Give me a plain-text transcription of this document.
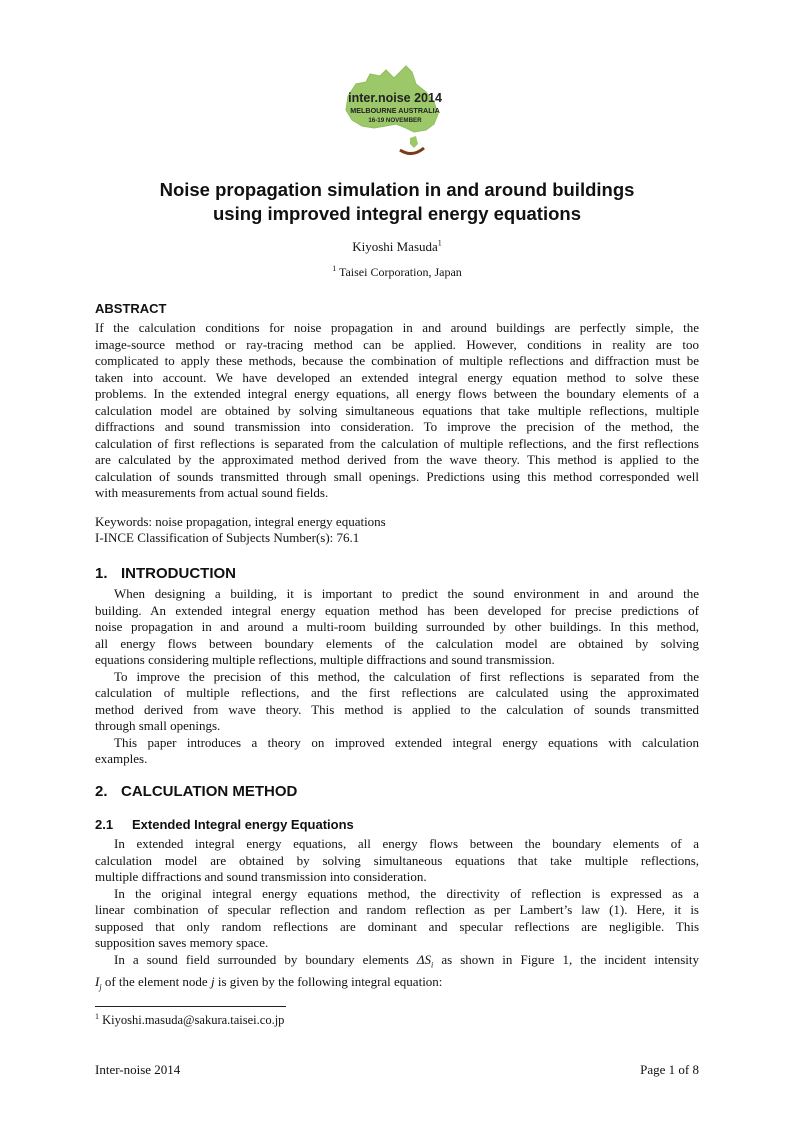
inter.noise 2014
MELBOURNE AUSTRALIA
16-19 NOVEMBER
Noise propagation simulation in and around buildings
using improved integral energy equations
Kiyoshi Masuda$^1$
$^1$ Taisei Corporation, Japan
ABSTRACT
If the calculation conditions for noise propagation in and around buildings are perfectly simple, the
image-source method or ray-tracing method can be applied. However, conditions in reality are too
complicated to apply these methods, because the combination of multiple reflections and diffraction must be
taken into account. We have developed an extended integral energy equation method to solve these
problems. In the extended integral energy equations, all energy flows between the boundary elements of a
calculation model are obtained by solving simultaneous equations that take multiple reflections, multiple
diffractions and sound transmission into consideration. To improve the precision of the method, the
calculation of first reflections is separated from the calculation of multiple reflections, and the first reflections
are calculated by the approximated method derived from the wave theory. This method is applied to the
calculation of sounds transmitted through small openings. Predictions using this method corresponded well
with measurements from actual sound fields.
Keywords: noise propagation, integral energy equations
I-INCE Classification of Subjects Number(s): 76.1
1. INTRODUCTION
When designing a building, it is important to predict the sound environment in and around the
building. An extended integral energy equation method has been developed for precise predictions of
noise propagation in and around a multi-room building surrounded by other buildings. In this method,
all energy flows between boundary elements of the calculation model are obtained by solving
equations considering multiple reflections, multiple diffractions and sound transmission.
To improve the precision of this method, the calculation of first reflections is separated from the
calculation of multiple reflections, and the first reflections are calculated using the approximated
method derived from wave theory. This method is applied to the calculation of sounds transmitted
through small openings.
This paper introduces a theory on improved extended integral energy equations with calculation
examples.
2. CALCULATION METHOD
2.1 Extended Integral energy Equations
In extended integral energy equations, all energy flows between the boundary elements of a
calculation model are obtained by solving simultaneous equations that take multiple reflections,
multiple diffractions and sound transmission into consideration.
In the original integral energy equations method, the directivity of reflection is expressed as a
linear combination of specular reflection and random reflection as per Lambert’s law (1). Here, it is
supposed that only random reflections are dominant and specular reflections are negligible. This
supposition saves memory space.
In a sound field surrounded by boundary elements $\Delta S_i$ as shown in Figure 1, the incident intensity
$I_j$ of the element node j is given by the following integral equation:
$^1$ Kiyoshi.masuda@sakura.taisei.co.jp
Inter-noise 2014	Page 1 of 8
